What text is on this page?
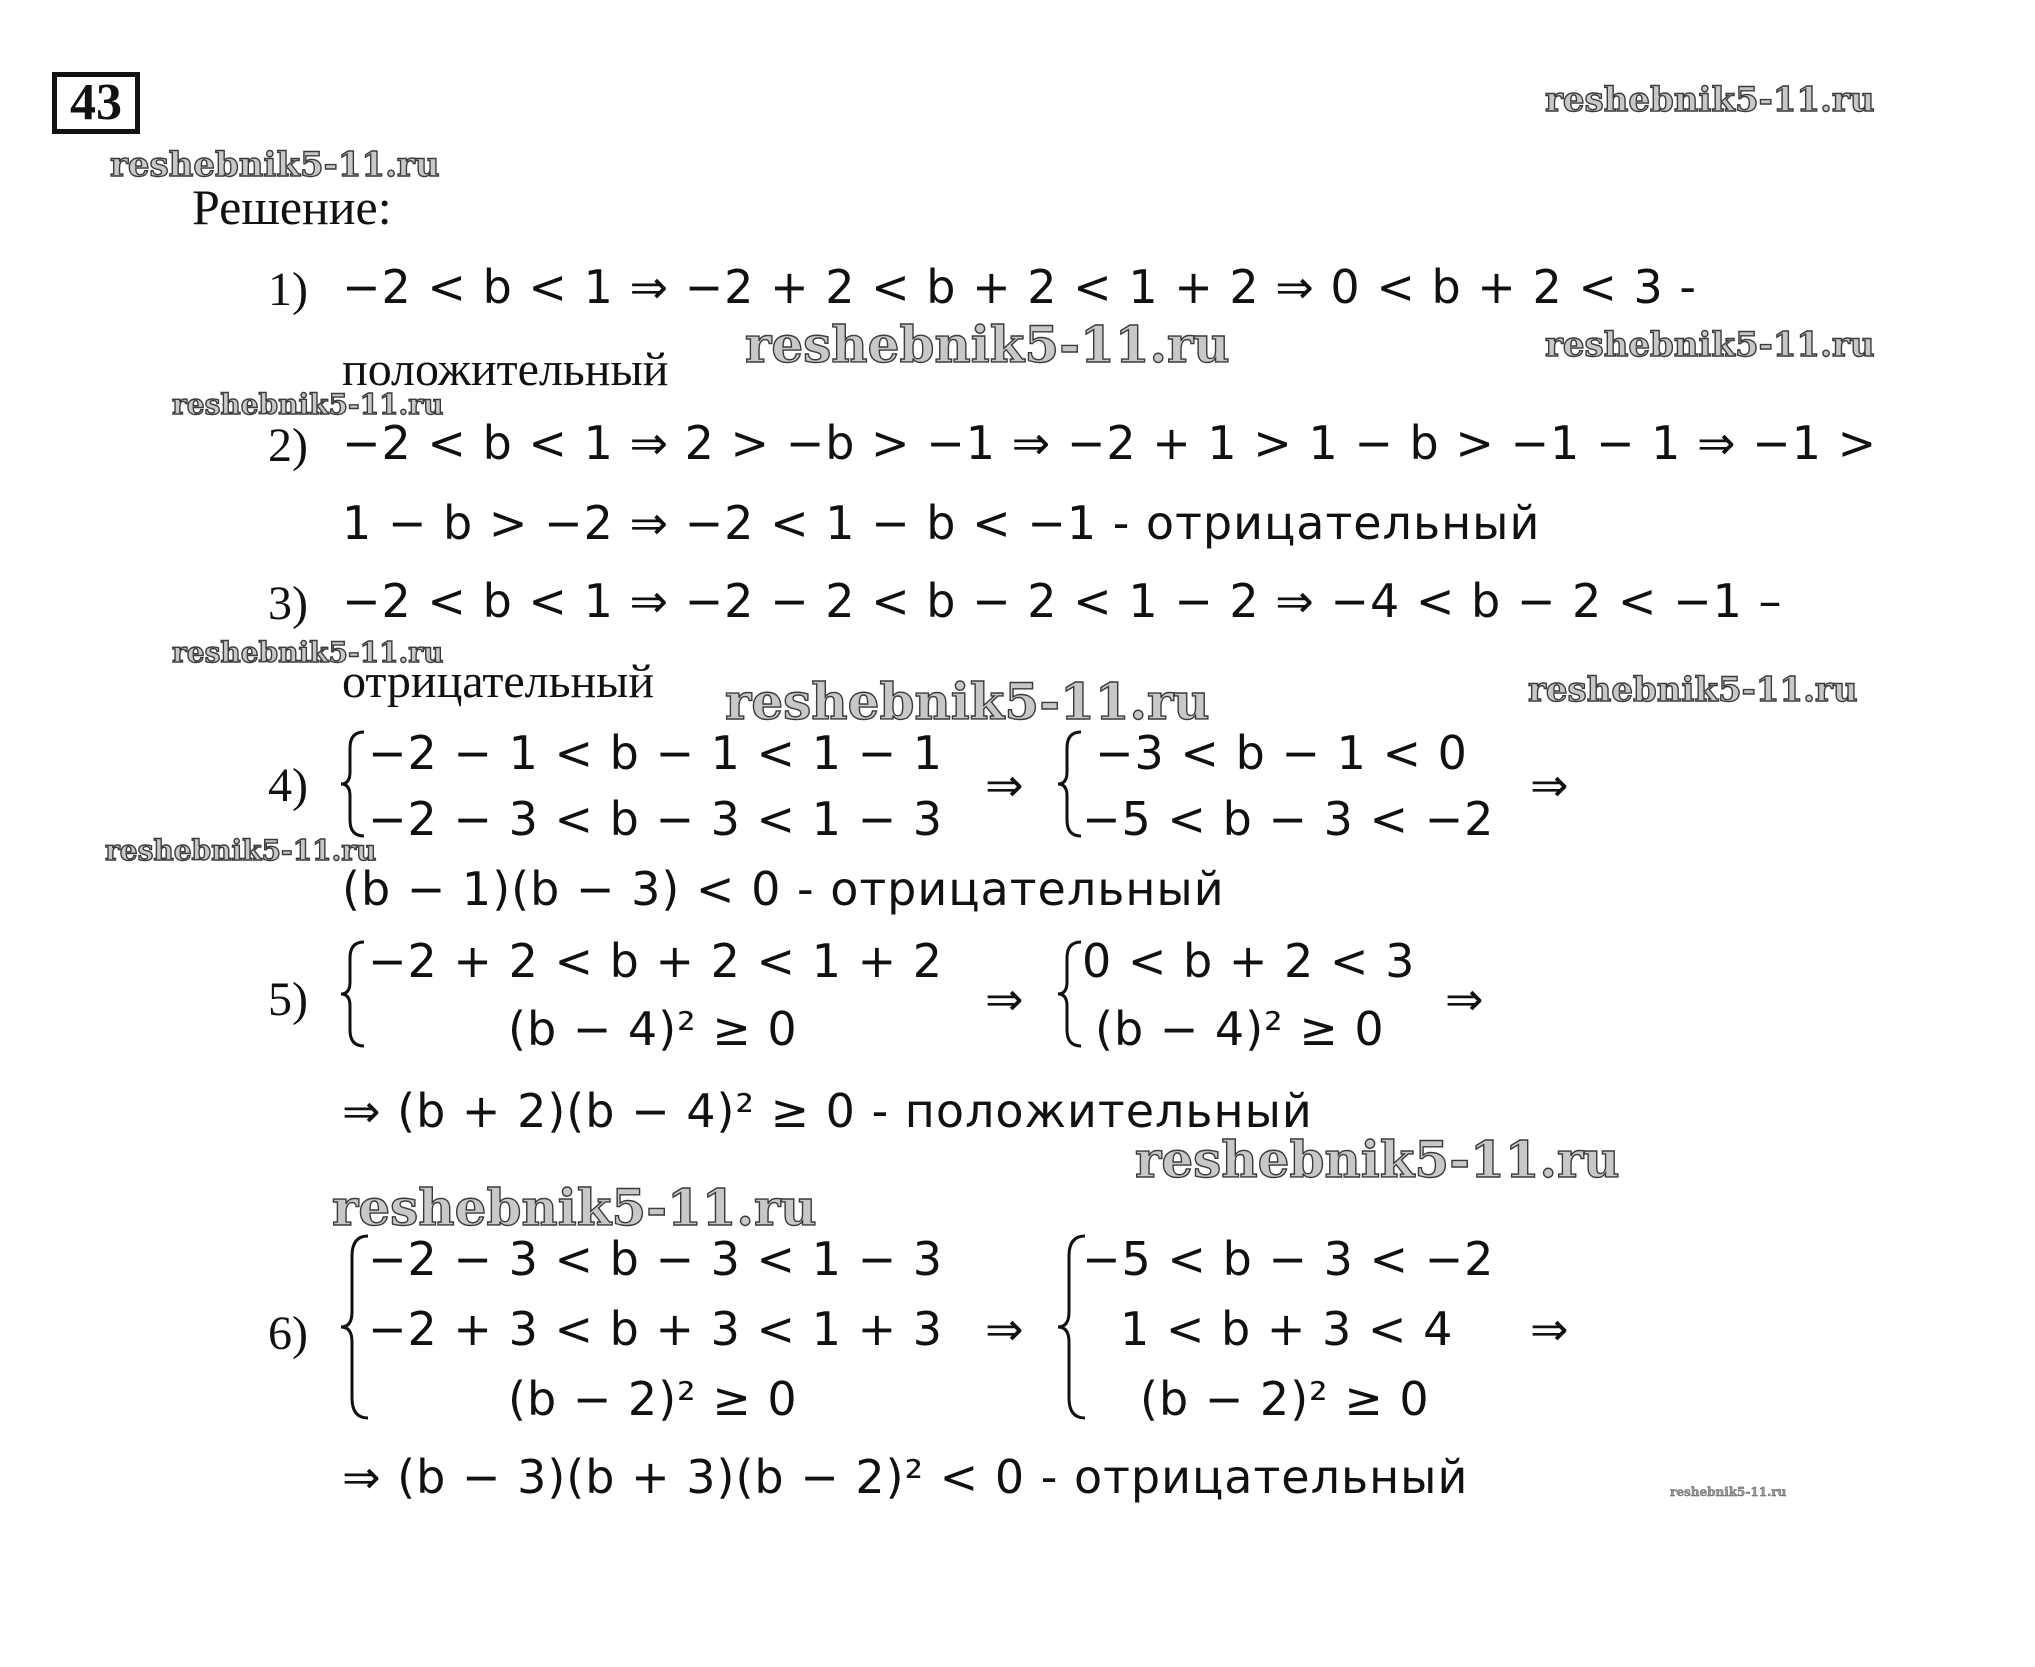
43	reshebnik5-11.ru
reshebnik5-11.ru
reshebnik5-11.ru	reshebnik5-11.ru
reshebnik5-11.ru
reshebnik5-11.ru
reshebnik5-11.ru	reshebnik5-11.ru
reshebnik5-11.ru
reshebnik5-11.ru
reshebnik5-11.ru
reshebnik5-11.ru
Решение:
1) −2 < b < 1 ⇒ −2 + 2 < b + 2 < 1 + 2 ⇒ 0 < b + 2 < 3 -
положительный
2) −2 < b < 1 ⇒ 2 > −b > −1 ⇒ −2 + 1 > 1 − b > −1 − 1 ⇒ −1 >
1 − b > −2 ⇒ −2 < 1 − b < −1 - отрицательный
3) −2 < b < 1 ⇒ −2 − 2 < b − 2 < 1 − 2 ⇒ −4 < b − 2 < −1 –
отрицательный
4)
−2 − 1 < b − 1 < 1 − 1
−2 − 3 < b − 3 < 1 − 3
⇒
−3 < b − 1 < 0
−5 < b − 3 < −2
⇒
(b − 1)(b − 3) < 0 - отрицательный
5)
−2 + 2 < b + 2 < 1 + 2
(b − 4)² ≥ 0
⇒
0 < b + 2 < 3
(b − 4)² ≥ 0
⇒
⇒ (b + 2)(b − 4)² ≥ 0 - положительный
6)
−2 − 3 < b − 3 < 1 − 3
−2 + 3 < b + 3 < 1 + 3
(b − 2)² ≥ 0
⇒
−5 < b − 3 < −2
1 < b + 3 < 4
(b − 2)² ≥ 0
⇒
⇒ (b − 3)(b + 3)(b − 2)² < 0 - отрицательный
